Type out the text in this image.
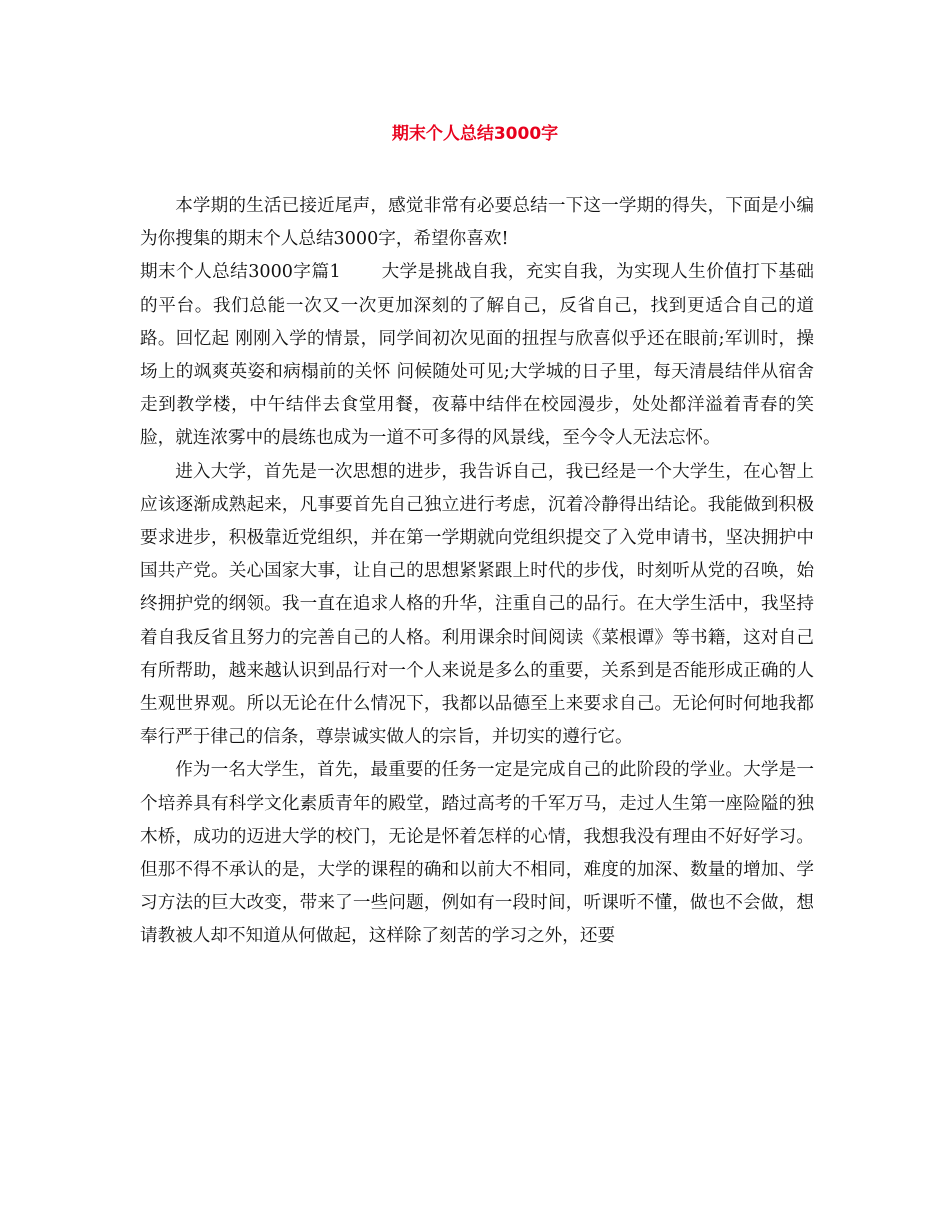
期末个人总结3000字

本学期的生活已接近尾声，感觉非常有必要总结一下这一学期的得失，下面是小编为你搜集的期末个人总结3000字，希望你喜欢!

期末个人总结3000字篇1 大学是挑战自我，充实自我，为实现人生价值打下基础的平台。我们总能一次又一次更加深刻的了解自己，反省自己，找到更适合自己的道路。回忆起 刚刚入学的情景，同学间初次见面的扭捏与欣喜似乎还在眼前;军训时，操场上的飒爽英姿和病榻前的关怀 问候随处可见;大学城的日子里，每天清晨结伴从宿舍走到教学楼，中午结伴去食堂用餐，夜幕中结伴在校园漫步，处处都洋溢着青春的笑脸，就连浓雾中的晨练也成为一道不可多得的风景线，至今令人无法忘怀。

进入大学，首先是一次思想的进步，我告诉自己，我已经是一个大学生，在心智上应该逐渐成熟起来，凡事要首先自己独立进行考虑，沉着冷静得出结论。我能做到积极要求进步，积极靠近党组织，并在第一学期就向党组织提交了入党申请书，坚决拥护中国共产党。关心国家大事，让自己的思想紧紧跟上时代的步伐，时刻听从党的召唤，始终拥护党的纲领。我一直在追求人格的升华，注重自己的品行。在大学生活中，我坚持着自我反省且努力的完善自己的人格。利用课余时间阅读《菜根谭》等书籍，这对自己有所帮助，越来越认识到品行对一个人来说是多么的重要，关系到是否能形成正确的人生观世界观。所以无论在什么情况下，我都以品德至上来要求自己。无论何时何地我都奉行严于律己的信条，尊崇诚实做人的宗旨，并切实的遵行它。

作为一名大学生，首先，最重要的任务一定是完成自己的此阶段的学业。大学是一个培养具有科学文化素质青年的殿堂，踏过高考的千军万马，走过人生第一座险隘的独木桥，成功的迈进大学的校门，无论是怀着怎样的心情，我想我没有理由不好好学习。但那不得不承认的是，大学的课程的确和以前大不相同，难度的加深、数量的增加、学习方法的巨大改变，带来了一些问题，例如有一段时间，听课听不懂，做也不会做，想请教被人却不知道从何做起，这样除了刻苦的学习之外，还要
